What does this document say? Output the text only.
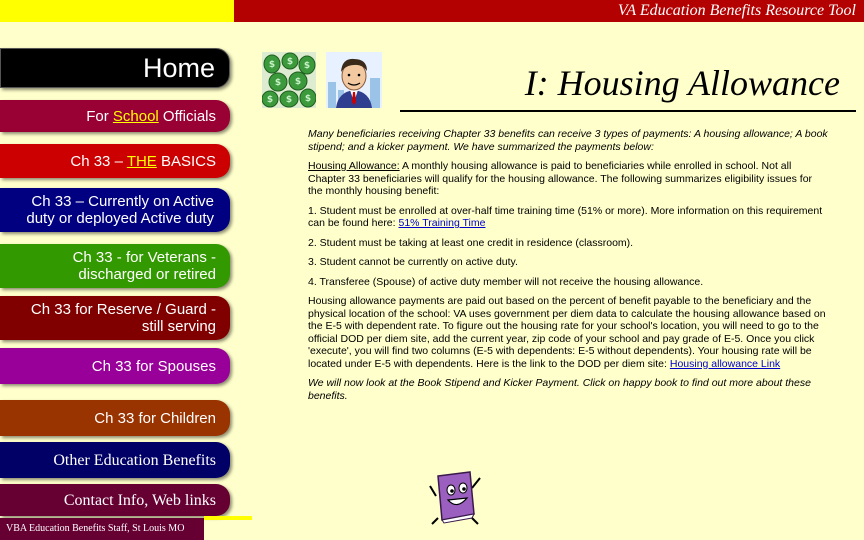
VA Education Benefits Resource Tool
Home
For School Officials
Ch 33 – THE BASICS
Ch 33 – Currently on Active
duty or deployed Active duty
Ch 33 - for Veterans -
discharged or retired
Ch 33 for Reserve / Guard -
still serving
Ch 33 for Spouses
Ch 33 for Children
Other Education Benefits
Contact Info, Web links
VBA Education Benefits Staff, St Louis MO
$ $ $
$ $
$ $ $	I: Housing Allowance

Many beneficiaries receiving Chapter 33 benefits can receive 3 types of payments: A housing allowance; A book stipend; and a kicker payment. We have summarized the payments below:

Housing Allowance: A monthly housing allowance is paid to beneficiaries while enrolled in school. Not all Chapter 33 beneficiaries will qualify for the housing allowance. The following summarizes eligibility issues for the monthly housing benefit:

1. Student must be enrolled at over-half time training time (51% or more). More information on this requirement can be found here: 51% Training Time

2. Student must be taking at least one credit in residence (classroom).

3. Student cannot be currently on active duty.

4. Transferee (Spouse) of active duty member will not receive the housing allowance.

Housing allowance payments are paid out based on the percent of benefit payable to the beneficiary and the physical location of the school: VA uses government per diem data to calculate the housing allowance based on the E-5 with dependent rate. To figure out the housing rate for your school's location, you will need to go to the official DOD per diem site, add the current year, zip code of your school and pay grade of E-5. Once you click 'execute', you will find two columns (E-5 with dependents: E-5 without dependents). Your housing rate will be located under E-5 with dependents. Here is the link to the DOD per diem site: Housing allowance Link

We will now look at the Book Stipend and Kicker Payment. Click on happy book to find out more about these benefits.
